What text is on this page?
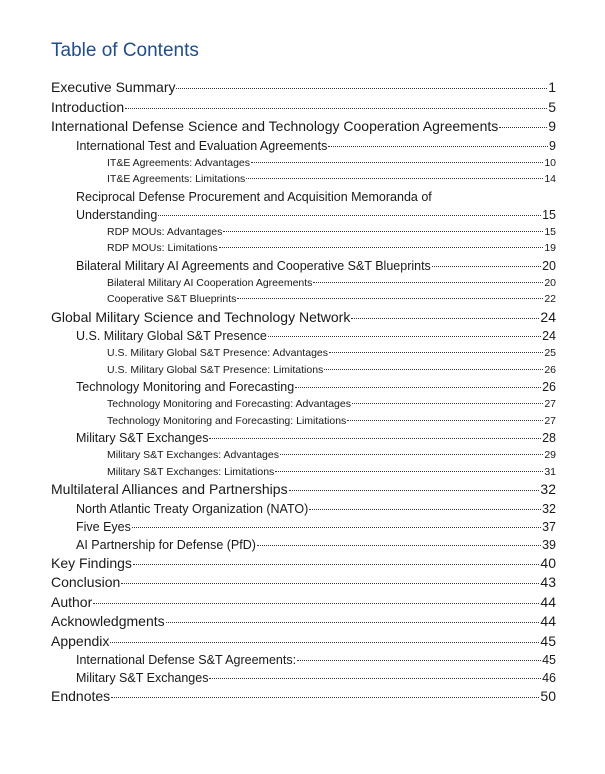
Table of Contents
Executive Summary	1
Introduction	5
International Defense Science and Technology Cooperation Agreements	9
International Test and Evaluation Agreements	9
IT&E Agreements: Advantages	10
IT&E Agreements: Limitations	14
Reciprocal Defense Procurement and Acquisition Memoranda of
Understanding	15
RDP MOUs: Advantages	15
RDP MOUs: Limitations	19
Bilateral Military AI Agreements and Cooperative S&T Blueprints	20
Bilateral Military AI Cooperation Agreements	20
Cooperative S&T Blueprints	22
Global Military Science and Technology Network	24
U.S. Military Global S&T Presence	24
U.S. Military Global S&T Presence: Advantages	25
U.S. Military Global S&T Presence: Limitations	26
Technology Monitoring and Forecasting	26
Technology Monitoring and Forecasting: Advantages	27
Technology Monitoring and Forecasting: Limitations	27
Military S&T Exchanges	28
Military S&T Exchanges: Advantages	29
Military S&T Exchanges: Limitations	31
Multilateral Alliances and Partnerships	32
North Atlantic Treaty Organization (NATO)	32
Five Eyes	37
AI Partnership for Defense (PfD)	39
Key Findings	40
Conclusion	43
Author	44
Acknowledgments	44
Appendix	45
International Defense S&T Agreements:	45
Military S&T Exchanges	46
Endnotes	50
